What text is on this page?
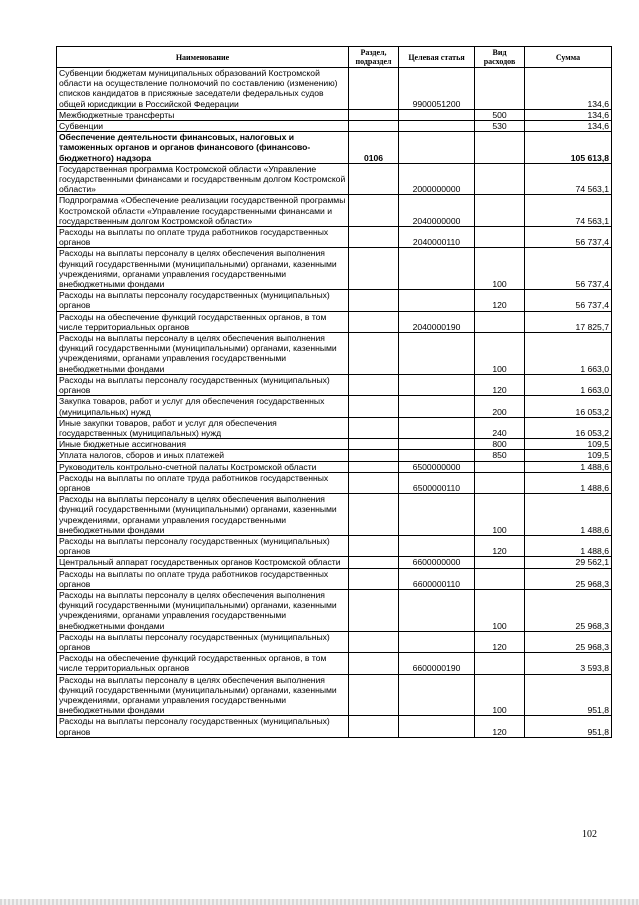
Наименование	Раздел, подраздел	Целевая статья	Вид расходов	Сумма
Субвенции бюджетам муниципальных образований Костромской области на осуществление полномочий по составлению (изменению) списков кандидатов в присяжные заседатели федеральных судов общей юрисдикции в Российской Федерации		9900051200		134,6
Межбюджетные трансферты			500	134,6
Субвенции			530	134,6
Обеспечение деятельности финансовых, налоговых и таможенных органов и органов финансового (финансово-бюджетного) надзора	0106			105 613,8
Государственная программа Костромской области «Управление государственными финансами и государственным долгом Костромской области»		2000000000		74 563,1
Подпрограмма «Обеспечение реализации государственной программы Костромской области «Управление государственными финансами и государственным долгом Костромской области»		2040000000		74 563,1
Расходы на выплаты по оплате труда работников государственных органов		2040000110		56 737,4
Расходы на выплаты персоналу в целях обеспечения выполнения функций государственными (муниципальными) органами, казенными учреждениями, органами управления государственными внебюджетными фондами			100	56 737,4
Расходы на выплаты персоналу государственных (муниципальных) органов			120	56 737,4
Расходы на обеспечение функций государственных органов, в том числе территориальных органов		2040000190		17 825,7
Расходы на выплаты персоналу в целях обеспечения выполнения функций государственными (муниципальными) органами, казенными учреждениями, органами управления государственными внебюджетными фондами			100	1 663,0
Расходы на выплаты персоналу государственных (муниципальных) органов			120	1 663,0
Закупка товаров, работ и услуг для обеспечения государственных (муниципальных) нужд			200	16 053,2
Иные закупки товаров, работ и услуг для обеспечения государственных (муниципальных) нужд			240	16 053,2
Иные бюджетные ассигнования			800	109,5
Уплата налогов, сборов и иных платежей			850	109,5
Руководитель контрольно-счетной палаты Костромской области		6500000000		1 488,6
Расходы на выплаты по оплате труда работников государственных органов		6500000110		1 488,6
Расходы на выплаты персоналу в целях обеспечения выполнения функций государственными (муниципальными) органами, казенными учреждениями, органами управления государственными внебюджетными фондами			100	1 488,6
Расходы на выплаты персоналу государственных (муниципальных) органов			120	1 488,6
Центральный аппарат государственных органов Костромской области		6600000000		29 562,1
Расходы на выплаты по оплате труда работников государственных органов		6600000110		25 968,3
Расходы на выплаты персоналу в целях обеспечения выполнения функций государственными (муниципальными) органами, казенными учреждениями, органами управления государственными внебюджетными фондами			100	25 968,3
Расходы на выплаты персоналу государственных (муниципальных) органов			120	25 968,3
Расходы на обеспечение функций государственных органов, в том числе территориальных органов		6600000190		3 593,8
Расходы на выплаты персоналу в целях обеспечения выполнения функций государственными (муниципальными) органами, казенными учреждениями, органами управления государственными внебюджетными фондами			100	951,8
Расходы на выплаты персоналу государственных (муниципальных) органов			120	951,8
102
